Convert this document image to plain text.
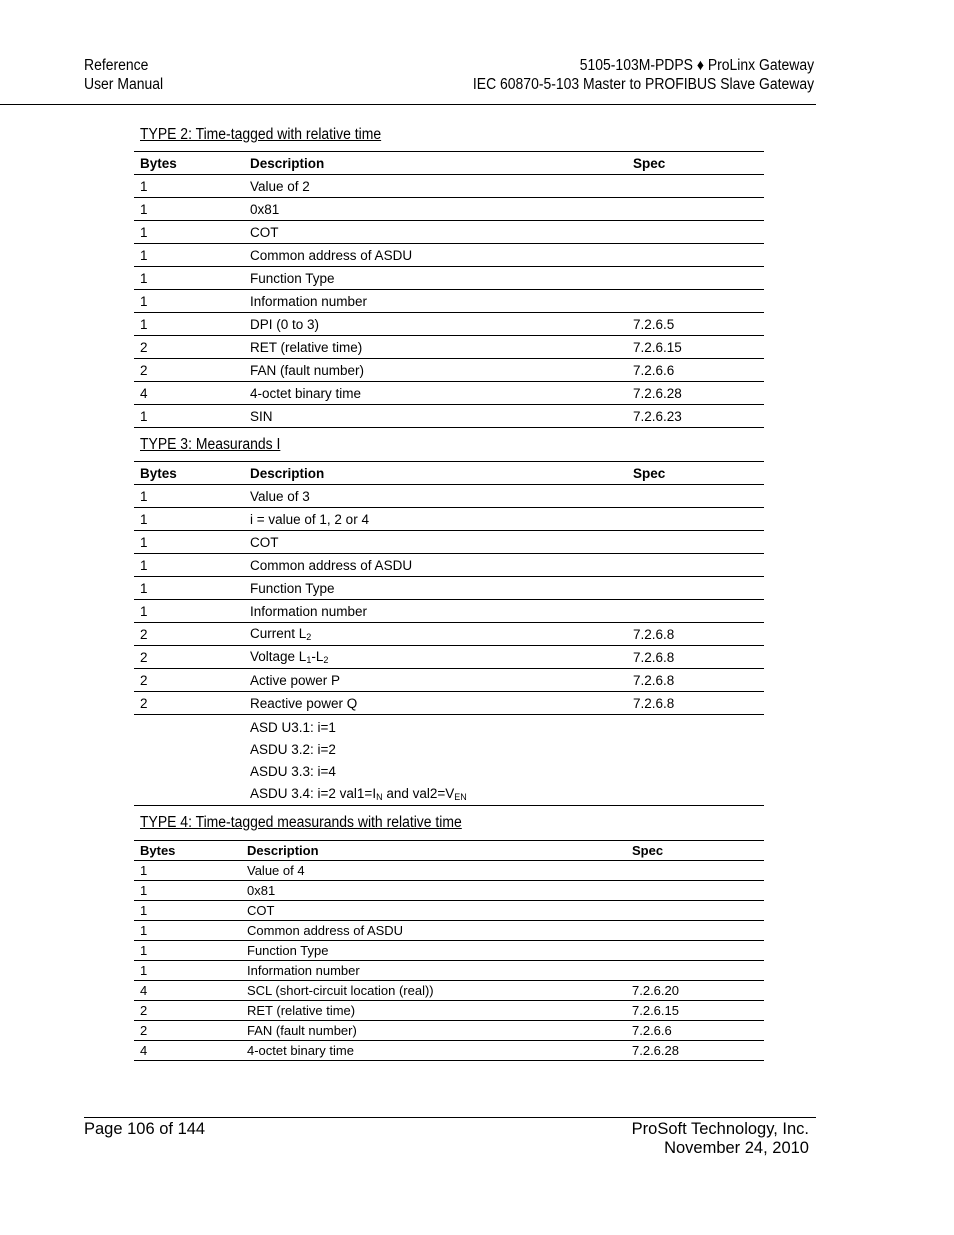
Reference
User Manual
5105-103M-PDPS ♦ ProLinx Gateway
IEC 60870-5-103 Master to PROFIBUS Slave Gateway
TYPE 2: Time-tagged with relative time
Bytes	Description	Spec
1	Value of 2	
1	0x81	
1	COT	
1	Common address of ASDU	
1	Function Type	
1	Information number	
1	DPI (0 to 3)	7.2.6.5
2	RET (relative time)	7.2.6.15
2	FAN (fault number)	7.2.6.6
4	4-octet binary time	7.2.6.28
1	SIN	7.2.6.23
TYPE 3: Measurands I
Bytes	Description	Spec
1	Value of 3	
1	i = value of 1, 2 or 4	
1	COT	
1	Common address of ASDU	
1	Function Type	
1	Information number	
2	Current $L_2$	7.2.6.8
2	Voltage $L_1-L_2$	7.2.6.8
2	Active power P	7.2.6.8
2	Reactive power Q	7.2.6.8

	ASD U3.1: i=1
ASDU 3.2: i=2
ASDU 3.3: i=4
ASDU 3.4: i=2 $val1=I_N$ and $val2=V_{EN}$

TYPE 4: Time-tagged measurands with relative time
Bytes	Description	Spec
1	Value of 4	
1	0x81	
1	COT	
1	Common address of ASDU	
1	Function Type	
1	Information number	
4	SCL (short-circuit location (real))	7.2.6.20
2	RET (relative time)	7.2.6.15
2	FAN (fault number)	7.2.6.6
4	4-octet binary time	7.2.6.28
Page 106 of 144	ProSoft Technology, Inc.
November 24, 2010
